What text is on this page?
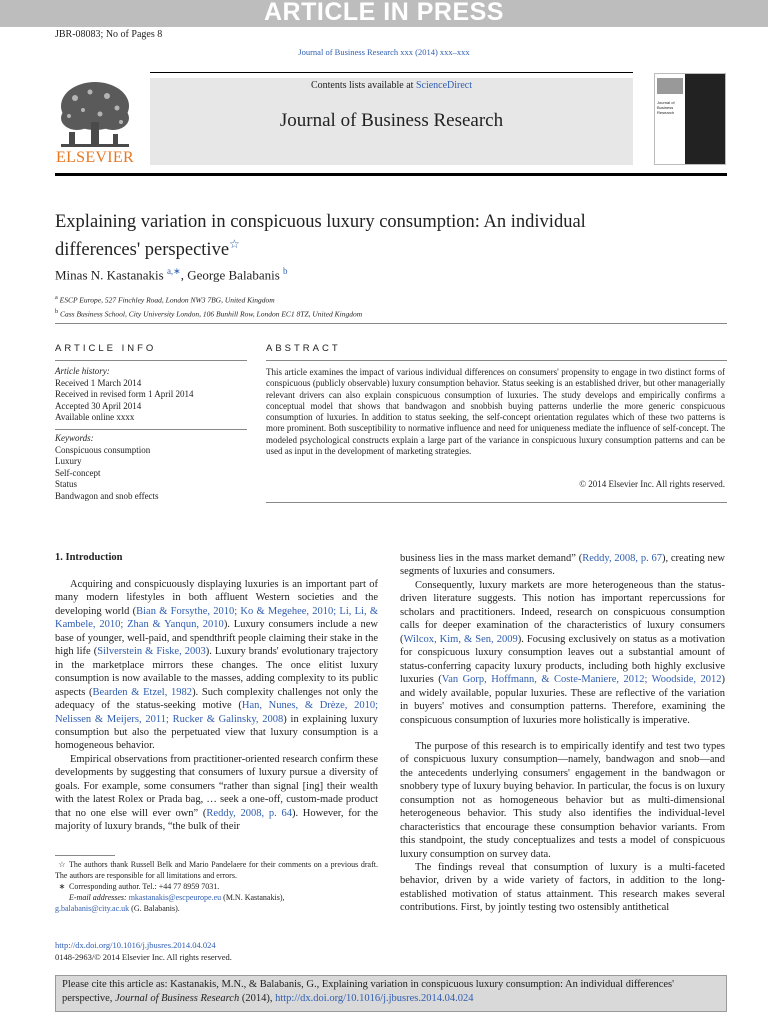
ARTICLE IN PRESS
JBR-08083; No of Pages 8
Journal of Business Research xxx (2014) xxx–xxx
ELSEVIER
Contents lists available at ScienceDirect
Journal of Business Research
Journal of Business Research
Explaining variation in conspicuous luxury consumption: An individual
differences' perspective☆
Minas N. Kastanakis $^{a,∗}$, George Balabanis $^b$
$^a$ ESCP Europe, 527 Finchley Road, London NW3 7BG, United Kingdom
$^b$ Cass Business School, City University London, 106 Bunhill Row, London EC1 8TZ, United Kingdom
ARTICLE INFO
Article history:
Received 1 March 2014
Received in revised form 1 April 2014
Accepted 30 April 2014
Available online xxxx
Keywords:
Conspicuous consumption
Luxury
Self-concept
Status
Bandwagon and snob effects
ABSTRACT
This article examines the impact of various individual differences on consumers' propensity to engage in two distinct forms of conspicuous (publicly observable) luxury consumption behavior. Status seeking is an established driver, but other managerially relevant drivers can also explain conspicuous consumption of luxuries. The study develops and empirically confirms a conceptual model that shows that bandwagon and snobbish buying patterns underlie the more generic conspicuous consumption of luxuries. In addition to status seeking, the self-concept orientation regulates which of these two patterns is more prominent. Both susceptibility to normative influence and need for uniqueness mediate the influence of self-concept. The modeled psychological constructs explain a large part of the variance in conspicuous luxury consumption patterns and can be used as input in the development of marketing strategies.
© 2014 Elsevier Inc. All rights reserved.
1. Introduction
Acquiring and conspicuously displaying luxuries is an important part of many modern lifestyles in both affluent Western societies and the developing world (Bian & Forsythe, 2010; Ko & Megehee, 2010; Li, Li, & Kambele, 2010; Zhan & Yanqun, 2010). Luxury consumers include a new base of younger, well-paid, and spendthrift people claiming their stake in the high life (Silverstein & Fiske, 2003). Luxury brands' evolutionary trajectory in the marketplace mirrors these changes. The once elitist luxury consumption is now available to the masses, adding complexity to its public aspects (Bearden & Etzel, 1982). Such complexity challenges not only the adequacy of the status-seeking motive (Han, Nunes, & Drèze, 2010; Nelissen & Meijers, 2011; Rucker & Galinsky, 2008) in explaining luxury consumption but also the perpetuated view that luxury consumption is a homogeneous behavior.
Empirical observations from practitioner-oriented research confirm these developments by suggesting that consumers of luxury pursue a diversity of goals. For example, some consumers “rather than signal [ing] their wealth with the latest Rolex or Prada bag, … seek a one-off, custom-made product that no one else will ever own” (Reddy, 2008, p. 64). However, for the majority of luxury brands, “the bulk of their
☆ The authors thank Russell Belk and Mario Pandelaere for their comments on a previous draft. The authors are responsible for all limitations and errors.
∗ Corresponding author. Tel.: +44 77 8959 7031.
E-mail addresses: mkastanakis@escpeurope.eu (M.N. Kastanakis),
g.balabanis@city.ac.uk (G. Balabanis).
business lies in the mass market demand” (Reddy, 2008, p. 67), creating new segments of luxuries and consumers.
Consequently, luxury markets are more heterogeneous than the status-driven literature suggests. This notion has important repercussions for scholars and practitioners. Indeed, research on conspicuous consumption calls for deeper examination of the characteristics of luxury consumers (Wilcox, Kim, & Sen, 2009). Focusing exclusively on status as a motivation for conspicuous luxury consumption leaves out a substantial amount of status-conferring capacity luxury products, including both highly exclusive luxuries (Van Gorp, Hoffmann, & Coste-Maniere, 2012; Woodside, 2012) and widely available, popular luxuries. These are reflective of the variation in buyers' motives and consumption patterns. Therefore, examining the conspicuous consumption of luxuries more holistically is imperative.
The purpose of this research is to empirically identify and test two types of conspicuous luxury consumption—namely, bandwagon and snob—and the antecedents underlying consumers' engagement in the bandwagon or snobbery type of luxury buying behavior. In particular, the focus is on luxury consumption not as homogeneous behavior but as multi-dimensional heterogeneous behavior. This study also identifies the individual-level characteristics that encourage these consumption behavior variants. From this standpoint, the study conceptualizes and tests a model of conspicuous luxury consumption on survey data.
The findings reveal that consumption of luxury is a multi-faceted behavior, driven by a wide variety of factors, in addition to the long-established motivation of status attainment. This research makes several contributions. First, by jointly testing two ostensibly antithetical
http://dx.doi.org/10.1016/j.jbusres.2014.04.024
0148-2963/© 2014 Elsevier Inc. All rights reserved.
Please cite this article as: Kastanakis, M.N., & Balabanis, G., Explaining variation in conspicuous luxury consumption: An individual differences' perspective, Journal of Business Research (2014), http://dx.doi.org/10.1016/j.jbusres.2014.04.024
